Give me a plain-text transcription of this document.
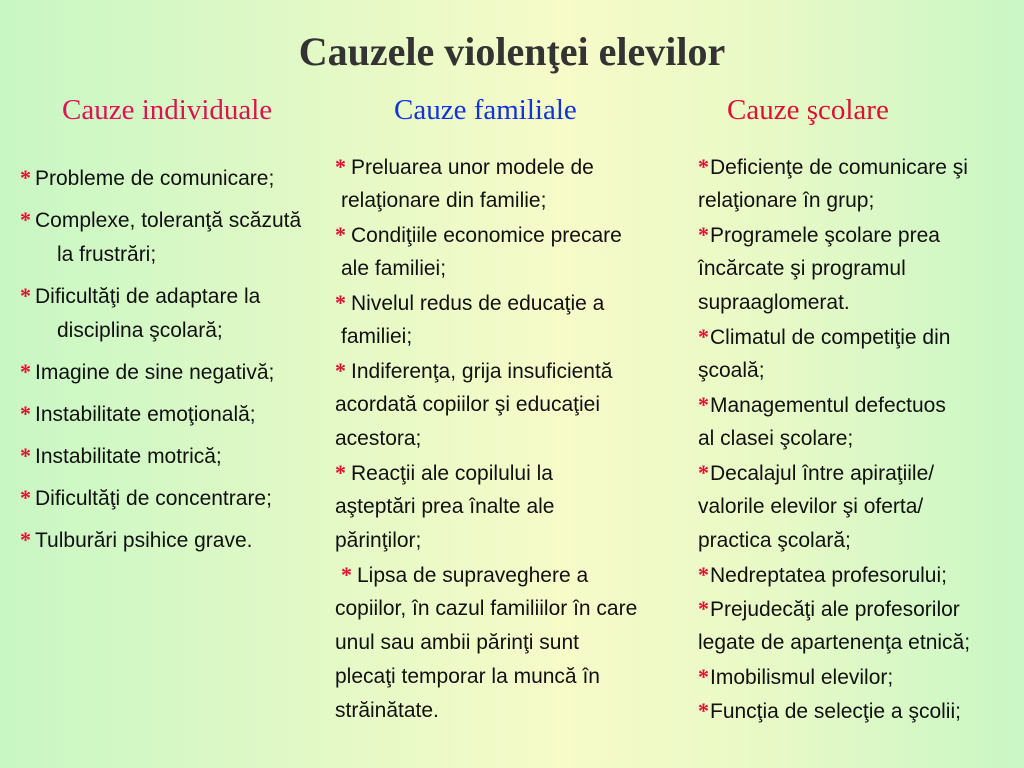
Cauzele violenţei elevilor
Cauze individuale	Cauze familiale	Cauze şcolare
* Probleme de comunicare;
* Complexe, toleranţă scăzută la frustrări;
* Dificultăţi de adaptare la disciplina şcolară;
* Imagine de sine negativă;
* Instabilitate emoţională;
* Instabilitate motrică;
* Dificultăţi de concentrare;
* Tulburări psihice grave.
* Preluarea unor modele de
relaţionare din familie;
* Condiţiile economice precare
ale familiei;
* Nivelul redus de educaţie a
familiei;
* Indiferenţa, grija insuficientă
acordată copiilor şi educaţiei
acestora;
* Reacţii ale copilului la
aşteptări prea înalte ale
părinţilor;
* Lipsa de supraveghere a
copiilor, în cazul familiilor în care
unul sau ambii părinţi sunt
plecaţi temporar la muncă în
străinătate.
*Deficienţe de comunicare şi
relaţionare în grup;
*Programele şcolare prea
încărcate şi programul
supraaglomerat.
*Climatul de competiţie din
şcoală;
*Managementul defectuos
al clasei şcolare;
*Decalajul între apiraţiile/
valorile elevilor şi oferta/
practica şcolară;
*Nedreptatea profesorului;
*Prejudecăţi ale profesorilor
legate de apartenenţa etnică;
*Imobilismul elevilor;
*Funcţia de selecţie a şcolii;
